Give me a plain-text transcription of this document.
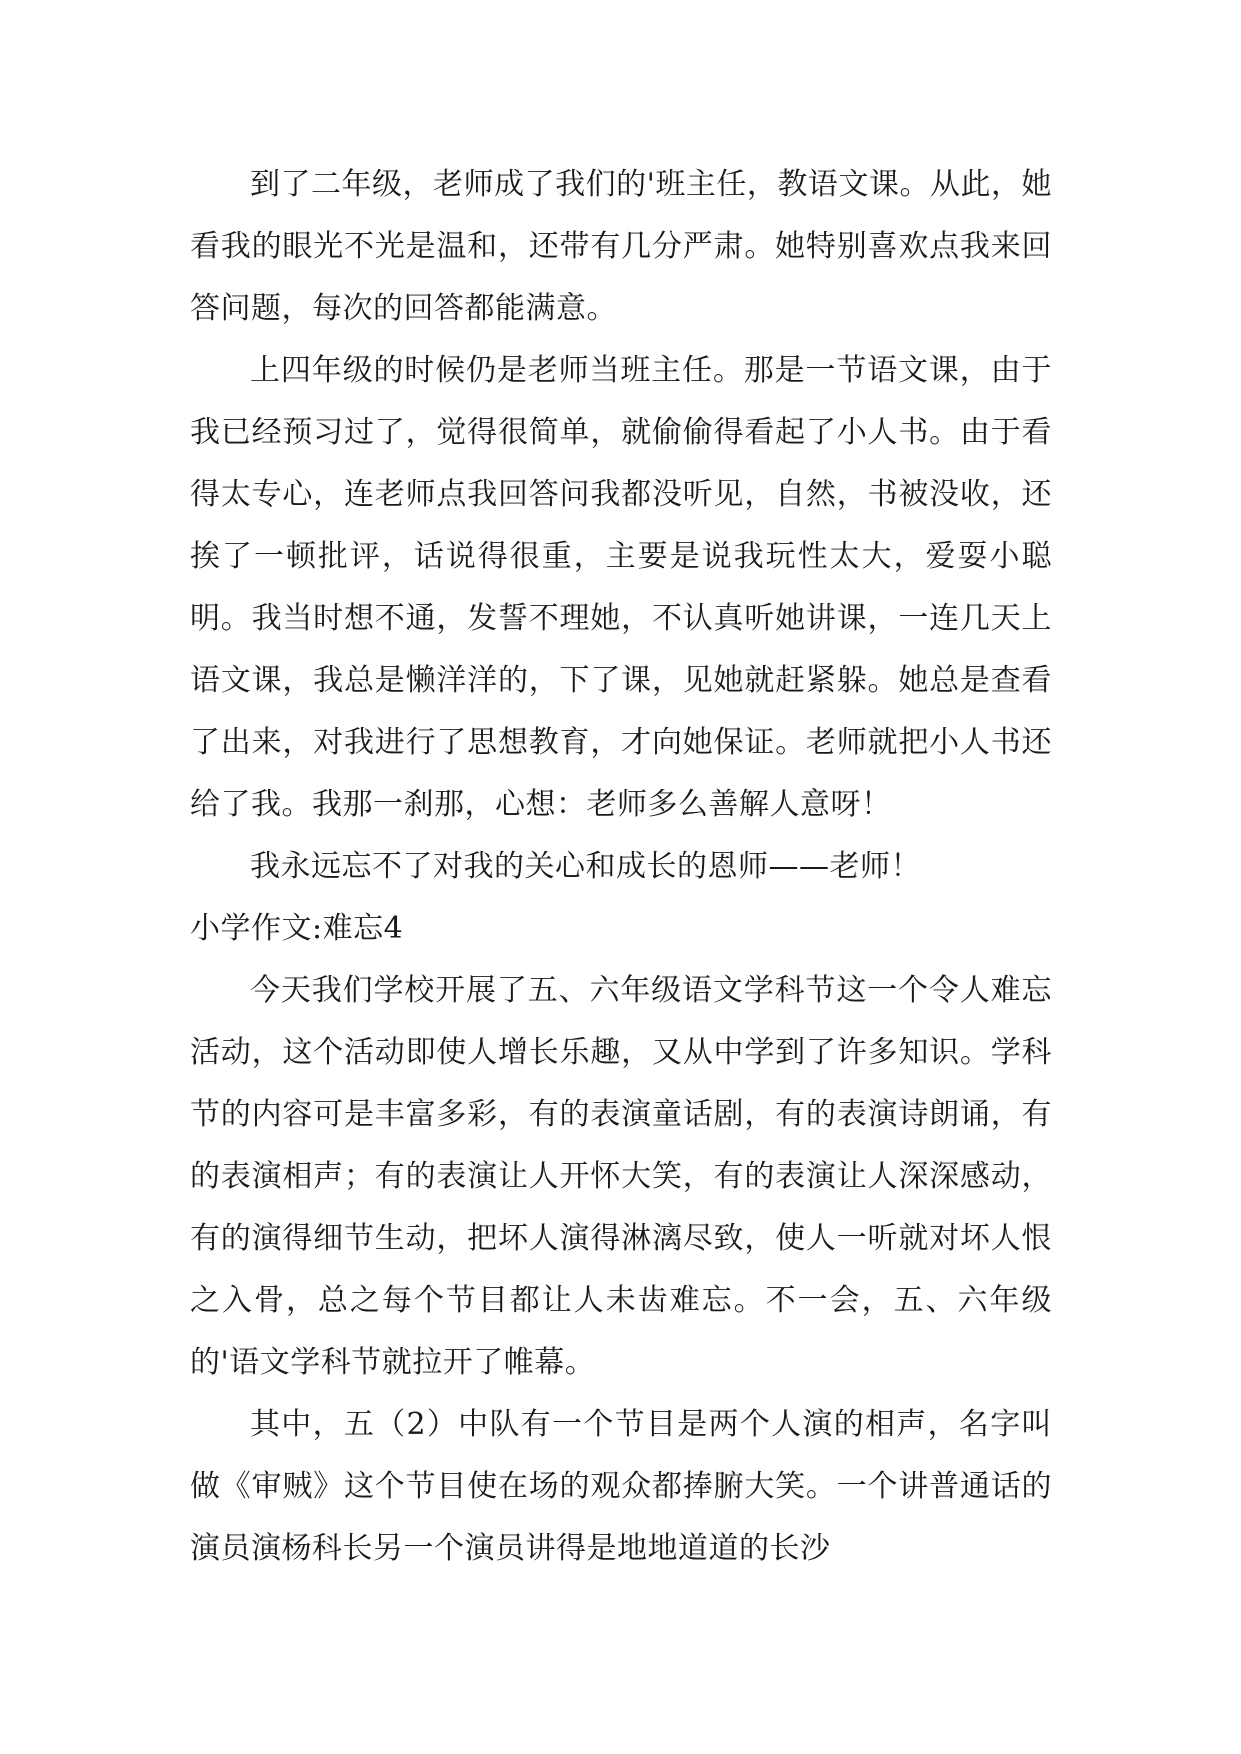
到了二年级，老师成了我们的'班主任，教语文课。从此，她看我的眼光不光是温和，还带有几分严肃。她特别喜欢点我来回答问题，每次的回答都能满意。

上四年级的时候仍是老师当班主任。那是一节语文课，由于我已经预习过了，觉得很简单，就偷偷得看起了小人书。由于看得太专心，连老师点我回答问我都没听见，自然，书被没收，还挨了一顿批评，话说得很重，主要是说我玩性太大，爱耍小聪明。我当时想不通，发誓不理她，不认真听她讲课，一连几天上语文课，我总是懒洋洋的，下了课，见她就赶紧躲。她总是查看了出来，对我进行了思想教育，才向她保证。老师就把小人书还给了我。我那一刹那，心想：老师多么善解人意呀！

我永远忘不了对我的关心和成长的恩师——老师！

小学作文:难忘4

今天我们学校开展了五、六年级语文学科节这一个令人难忘活动，这个活动即使人增长乐趣，又从中学到了许多知识。学科节的内容可是丰富多彩，有的表演童话剧，有的表演诗朗诵，有的表演相声；有的表演让人开怀大笑，有的表演让人深深感动，有的演得细节生动，把坏人演得淋漓尽致，使人一听就对坏人恨之入骨，总之每个节目都让人未齿难忘。不一会，五、六年级的'语文学科节就拉开了帷幕。

其中，五（2）中队有一个节目是两个人演的相声，名字叫做《审贼》这个节目使在场的观众都捧腑大笑。一个讲普通话的演员演杨科长另一个演员讲得是地地道道的长沙
